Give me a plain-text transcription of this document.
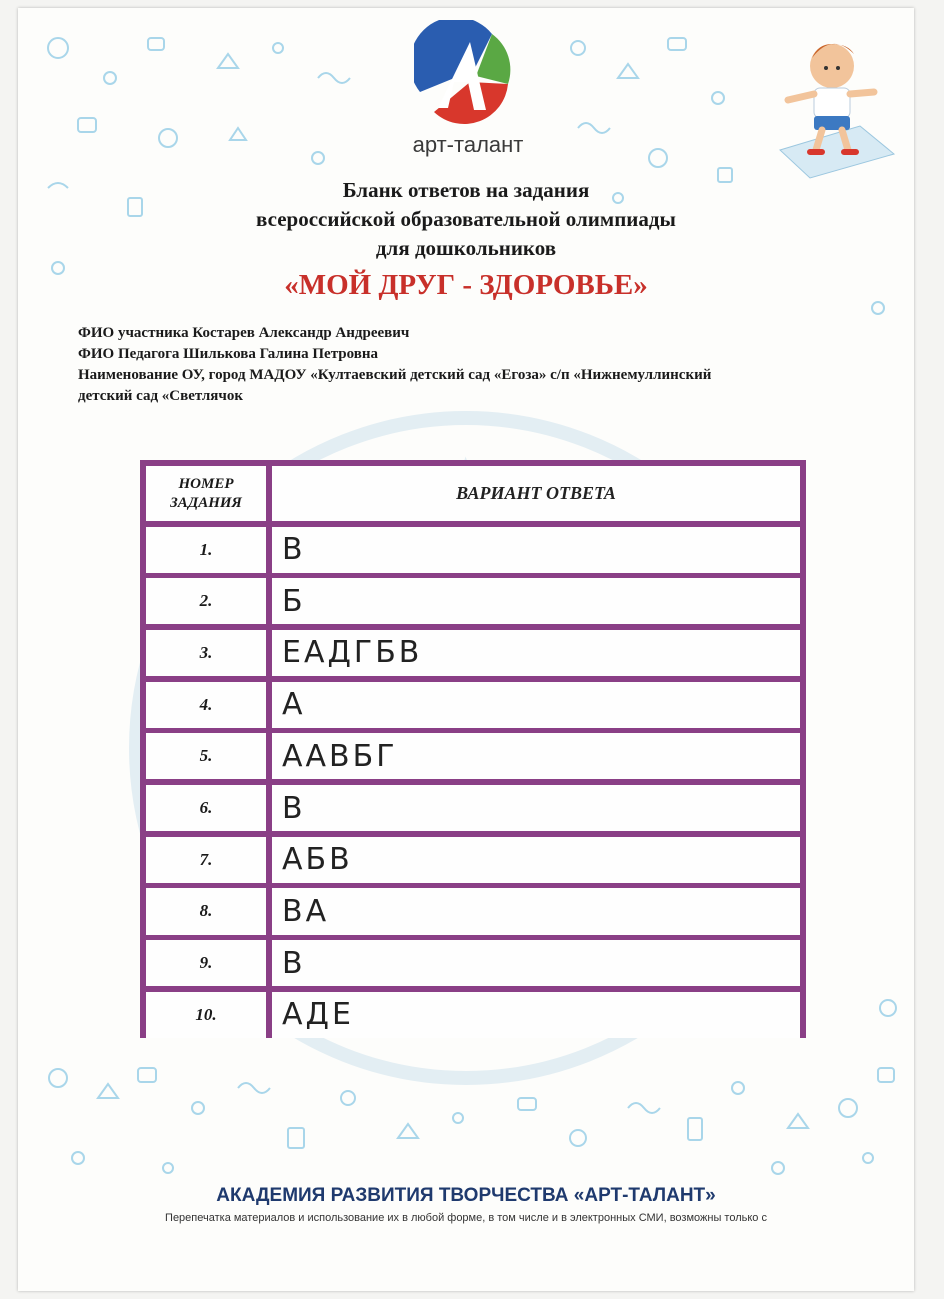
арт-талант
Бланк ответов на задания
всероссийской образовательной олимпиады
для дошкольников
«МОЙ ДРУГ - ЗДОРОВЬЕ»
ФИО участника Костарев Александр Андреевич
ФИО Педагога Шилькова Галина Петровна
Наименование ОУ, город МАДОУ «Култаевский детский сад «Егоза» с/п «Нижнемуллинский
детский сад «Светлячок
НОМЕР
ЗАДАНИЯ	ВАРИАНТ ОТВЕТА
1.	В
2.	Б
3.	ЕАДГБВ
4.	А
5.	ААВБГ
6.	В
7.	АБВ
8.	ВА
9.	В
10.	АДЕ
АКАДЕМИЯ РАЗВИТИЯ ТВОРЧЕСТВА «АРТ-ТАЛАНТ»
Перепечатка материалов и использование их в любой форме, в том числе и в электронных СМИ, возможны только с
